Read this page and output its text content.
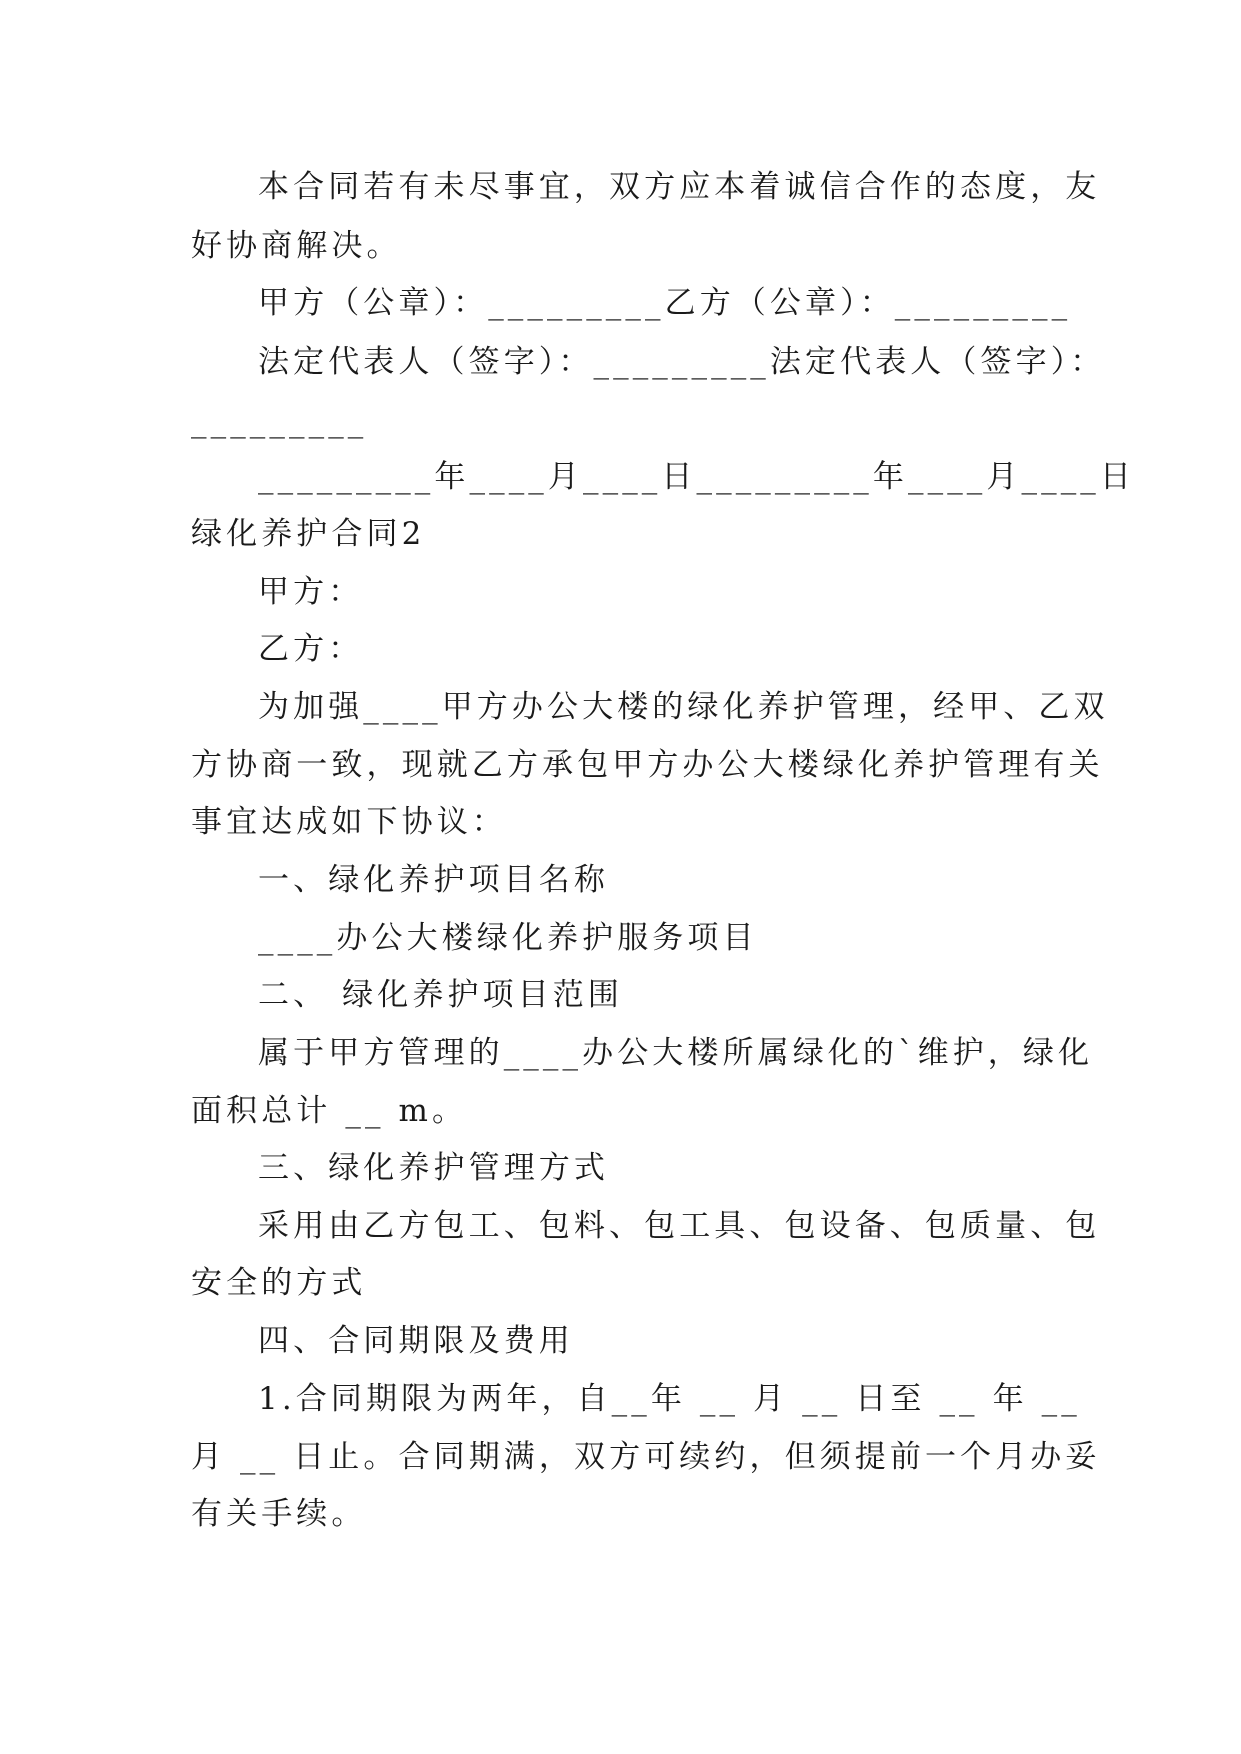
本合同若有未尽事宜，双方应本着诚信合作的态度，友
好协商解决。
甲方（公章）：_________乙方（公章）：_________
法定代表人（签字）：_________法定代表人（签字）：
_________
_________年____月____日_________年____月____日
绿化养护合同2
甲方：
乙方：
为加强____甲方办公大楼的绿化养护管理，经甲、乙双
方协商一致，现就乙方承包甲方办公大楼绿化养护管理有关
事宜达成如下协议：
一、绿化养护项目名称
____办公大楼绿化养护服务项目
二、 绿化养护项目范围
属于甲方管理的____办公大楼所属绿化的`维护，绿化
面积总计 __ m。
三、绿化养护管理方式
采用由乙方包工、包料、包工具、包设备、包质量、包
安全的方式
四、合同期限及费用
1.合同期限为两年，自__年 __ 月 __ 日至 __ 年 __
月 __ 日止。合同期满，双方可续约，但须提前一个月办妥
有关手续。
